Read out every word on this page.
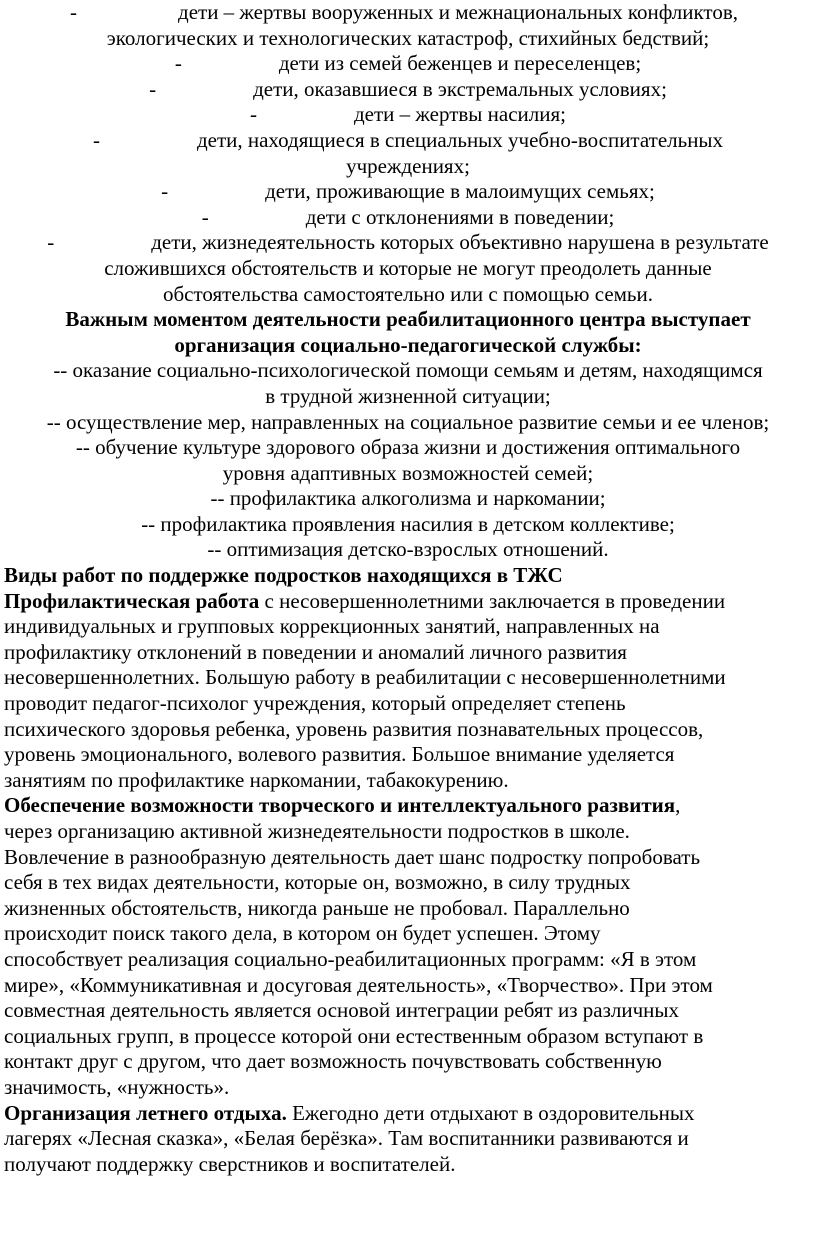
-	дети – жертвы вооруженных и межнациональных конфликтов,

экологических и технологических катастроф, стихийных бедствий;

-	дети из семей беженцев и переселенцев;

-	дети, оказавшиеся в экстремальных условиях;

-	дети – жертвы насилия;

-	дети, находящиеся в специальных учебно-воспитательных

учреждениях;

-	дети, проживающие в малоимущих семьях;

-	дети с отклонениями в поведении;

-	дети, жизнедеятельность которых объективно нарушена в результате

сложившихся обстоятельств и которые не могут преодолеть данные

обстоятельства самостоятельно или с помощью семьи.

Важным моментом деятельности реабилитационного центра выступает

организация социально-педагогической службы:

-- оказание социально-психологической помощи семьям и детям, находящимся

в трудной жизненной ситуации;

-- осуществление мер, направленных на социальное развитие семьи и ее членов;

-- обучение культуре здорового образа жизни и достижения оптимального

уровня адаптивных возможностей семей;

-- профилактика алкоголизма и наркомании;

-- профилактика проявления насилия в детском коллективе;

-- оптимизация детско-взрослых отношений.

Виды работ по поддержке подростков находящихся в ТЖС

Профилактическая работа с несовершеннолетними заключается в проведении

индивидуальных и групповых коррекционных занятий, направленных на

профилактику отклонений в поведении и аномалий личного развития

несовершеннолетних. Большую работу в реабилитации с несовершеннолетними

проводит педагог-психолог учреждения, который определяет степень

психического здоровья ребенка, уровень развития познавательных процессов,

уровень эмоционального, волевого развития. Большое внимание уделяется

занятиям по профилактике наркомании, табакокурению.

Обеспечение возможности творческого и интеллектуального развития,

через организацию активной жизнедеятельности подростков в школе.

Вовлечение в разнообразную деятельность дает шанс подростку попробовать

себя в тех видах деятельности, которые он, возможно, в силу трудных

жизненных обстоятельств, никогда раньше не пробовал. Параллельно

происходит поиск такого дела, в котором он будет успешен. Этому

способствует реализация социально-реабилитационных программ: «Я в этом

мире», «Коммуникативная и досуговая деятельность», «Творчество». При этом

совместная деятельность является основой интеграции ребят из различных

социальных групп, в процессе которой они естественным образом вступают в

контакт друг с другом, что дает возможность почувствовать собственную

значимость, «нужность».

Организация летнего отдыха. Ежегодно дети отдыхают в оздоровительных

лагерях «Лесная сказка», «Белая берёзка». Там воспитанники развиваются и

получают поддержку сверстников и воспитателей.
